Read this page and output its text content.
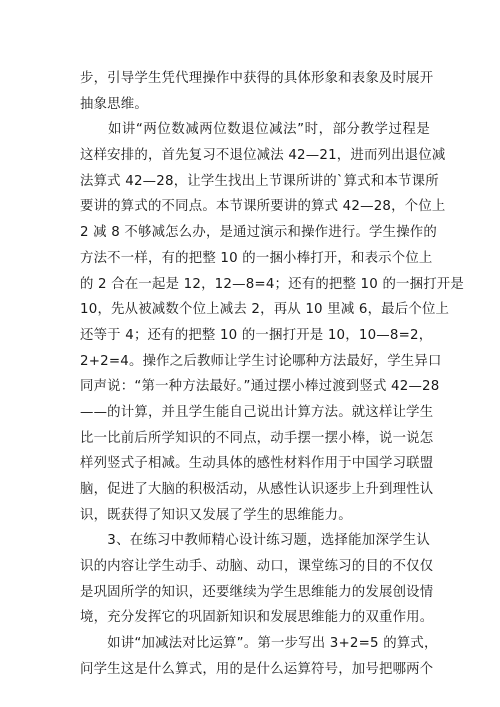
步，引导学生凭代理操作中获得的具体形象和表象及时展开
抽象思维。
　　如讲“两位数减两位数退位减法”时，部分教学过程是
这样安排的，首先复习不退位减法 42—21，进而列出退位减
法算式 42—28，让学生找出上节课所讲的`算式和本节课所
要讲的算式的不同点。本节课所要讲的算式 42—28，个位上
2 减 8 不够减怎么办，是通过演示和操作进行。学生操作的
方法不一样，有的把整 10 的一捆小棒打开，和表示个位上
的 2 合在一起是 12，12—8=4；还有的把整 10 的一捆打开是
10，先从被减数个位上减去 2，再从 10 里减 6，最后个位上
还等于 4；还有的把整 10 的一捆打开是 10，10—8=2，
2+2=4。操作之后教师让学生讨论哪种方法最好，学生异口
同声说：“第一种方法最好。”通过摆小棒过渡到竖式 42—28
——的计算，并且学生能自己说出计算方法。就这样让学生
比一比前后所学知识的不同点，动手摆一摆小棒，说一说怎
样列竖式子相减。生动具体的感性材料作用于中国学习联盟
脑，促进了大脑的积极活动，从感性认识逐步上升到理性认
识，既获得了知识又发展了学生的思维能力。
　　3、在练习中教师精心设计练习题，选择能加深学生认
识的内容让学生动手、动脑、动口，课堂练习的目的不仅仅
是巩固所学的知识，还要继续为学生思维能力的发展创设情
境，充分发挥它的巩固新知识和发展思维能力的双重作用。
　　如讲“加减法对比运算”。第一步写出 3+2=5 的算式，
问学生这是什么算式，用的是什么运算符号，加号把哪两个
